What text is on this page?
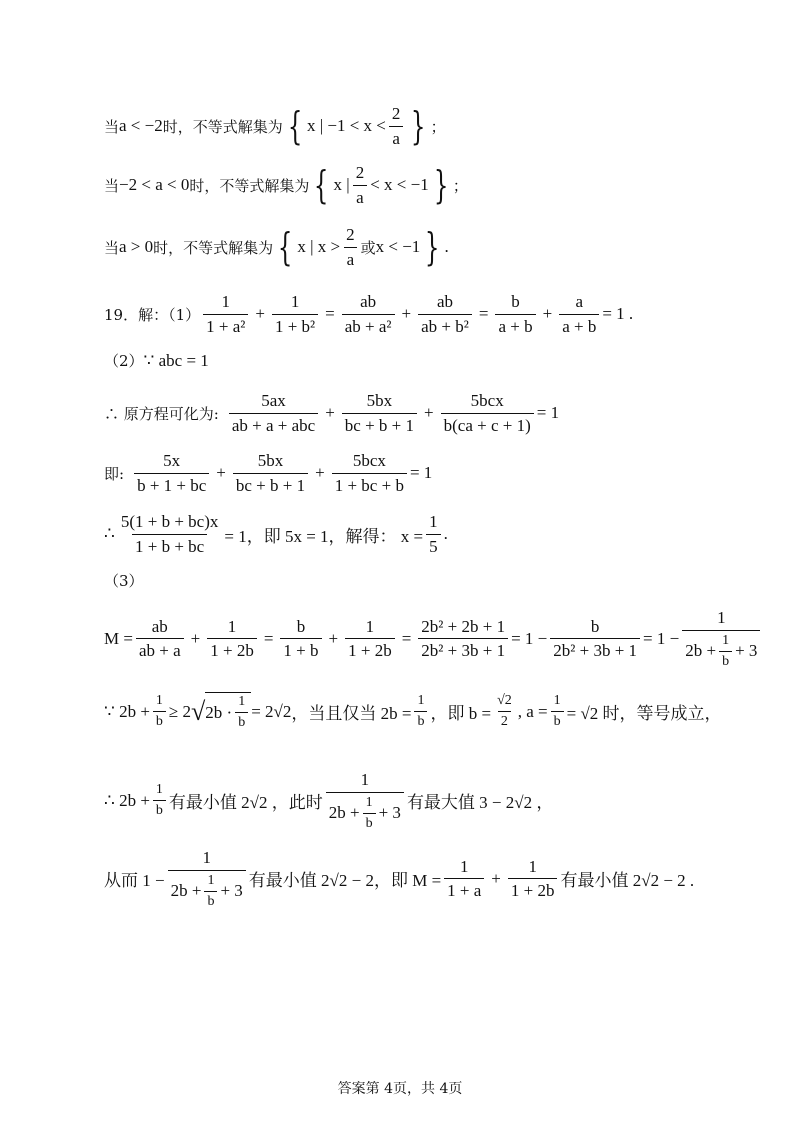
当 a < −2 时，不等式解集为 { x | $-1 < x < \frac{2}{a}$ } ；
当 −2 < a < 0 时，不等式解集为 { x | $\frac{2}{a} < x < -1$ } ；
当 a > 0 时，不等式解集为 { x | $x > \frac{2}{a}$ 或 x < −1 } .
19．解：$(1) \frac{1}{\text{1 + a²}} + \frac{1}{\text{1 + b²}} = \frac{ab}{\text{ab + a²}} + \frac{ab}{\text{ab + b²}} = \frac{b}{a + b} + \frac{a}{a + b} = 1$ .
（2） ∵ abc = 1
∴ 原方程可化为: $\frac{5ax}{\text{ab + a + abc}} + \frac{5bx}{bc + b + 1} + \frac{\text{5bcx}}{b(ca + c + 1)} = 1$
即: $\frac{5x}{b + 1 + bc} + \frac{5bx}{bc + b + 1} + \frac{\text{5bcx}}{1 + bc + b} = 1$
∴ $\frac{5(1 + b + bc)x}{1 + b + bc} = 1$，即 5x = 1，解得： $x = \frac{1}{5}$ .
（3）
$M = \frac{ab}{ab + a} + \frac{1}{1 + 2b} = \frac{b}{1 + b} + \frac{1}{1 + 2b} = \frac{\text{2b² + 2b + 1}}{\text{2b² + 3b + 1}} = 1 - \frac{b}{\text{2b² + 3b + 1}} = 1 - \frac{1}{2b + \frac{1}{b} + 3}$
∵ $2b + \frac{1}{b} \ge 2$ √ $2b \cdot \frac{1}{b} = 2√2$ ，当且仅当 $2b = \frac{1}{b}$ ，即 $b = \frac{√2}{2}$ , $a = \frac{1}{b} = √2$ 时，等号成立，
∴ $2b + \frac{1}{b}$ 有最小值 2√2 ，此时 $\frac{1}{2b + \frac{1}{b} + 3}$ 有最大值 3 − 2√2 ，
从而 $1 - \frac{1}{2b + \frac{1}{b} + 3}$ 有最小值 2√2 − 2，即 $M = \frac{1}{1 + a} + \frac{1}{1 + 2b}$ 有最小值 2√2 − 2 .
答案第 4页，共 4页
